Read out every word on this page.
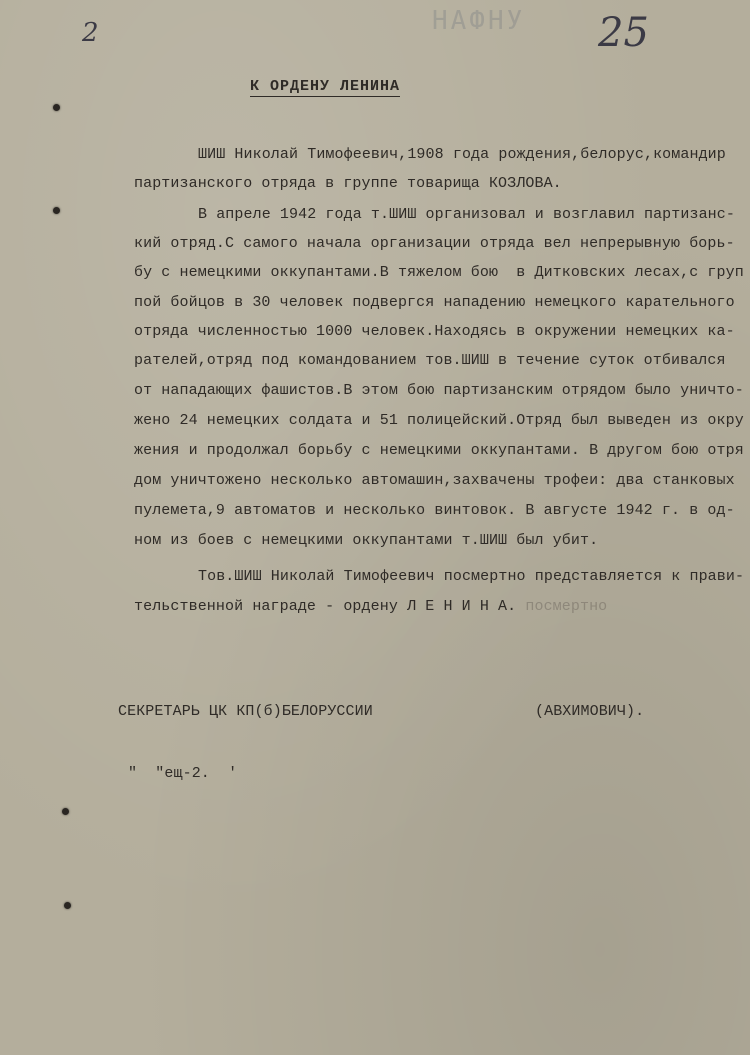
2	НАФНУ 25
К ОРДЕНУ ЛЕНИНА
ШИШ Николай Тимофеевич,1908 года рождения,белорус,командир
партизанского отряда в группе товарища КОЗЛОВА.
В апреле 1942 года т.ШИШ организовал и возглавил партизанс-
кий отряд.С самого начала организации отряда вел непрерывную борь-
бу с немецкими оккупантами.В тяжелом бою  в Дитковских лесах,с груп
пой бойцов в 30 человек подвергся нападению немецкого карательного
отряда численностью 1000 человек.Находясь в окружении немецких ка-
рателей,отряд под командованием тов.ШИШ в течение суток отбивался
от нападающих фашистов.В этом бою партизанским отрядом было уничто-
жено 24 немецких солдата и 51 полицейский.Отряд был выведен из окру
жения и продолжал борьбу с немецкими оккупантами. В другом бою отря
дом уничтожено несколько автомашин,захвачены трофеи: два станковых
пулемета,9 автоматов и несколько винтовок. В августе 1942 г. в од-
ном из боев с немецкими оккупантами т.ШИШ был убит.
Тов.ШИШ Николай Тимофеевич посмертно представляется к прави-
тельственной награде - ордену Л Е Н И Н А. посмертно
СЕКРЕТАРЬ ЦК КП(б)БЕЛОРУССИИ	(АВХИМОВИЧ).
"  "ещ-2.  '
